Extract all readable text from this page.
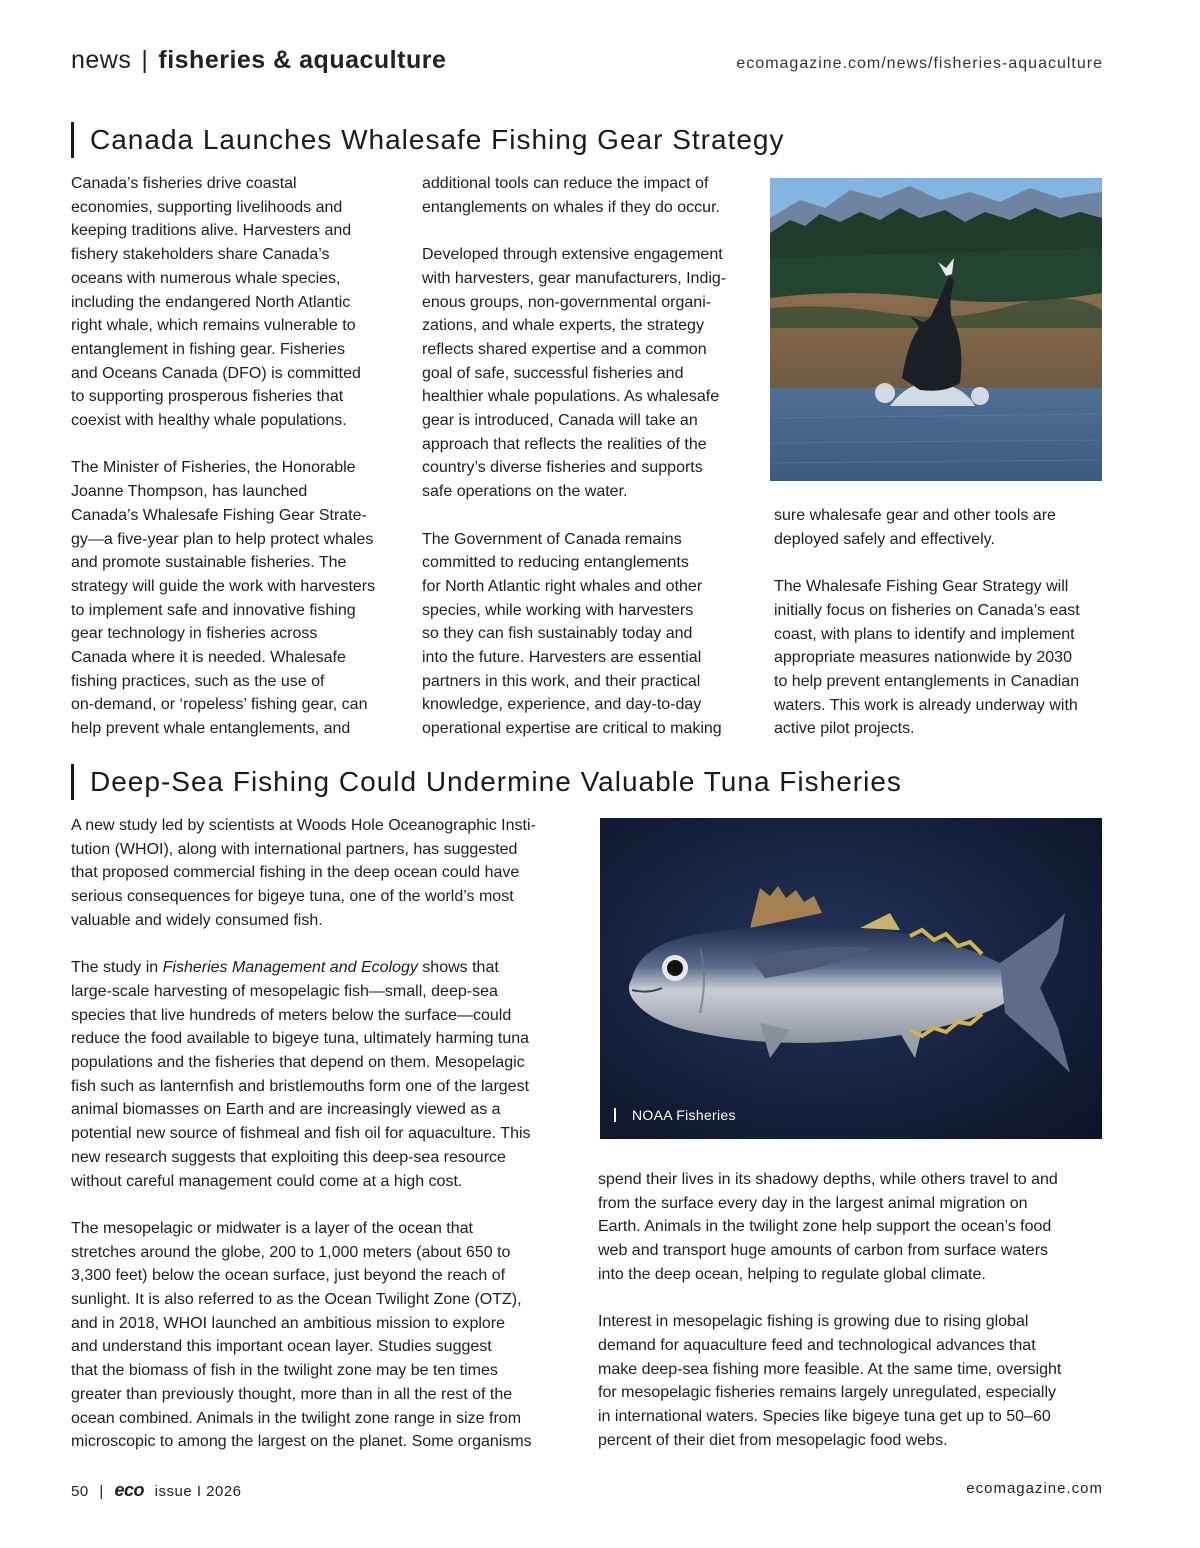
news | fisheries & aquaculture	ecomagazine.com/news/fisheries-aquaculture
Canada Launches Whalesafe Fishing Gear Strategy

Canada’s fisheries drive coastal
economies, supporting livelihoods and
keeping traditions alive. Harvesters and
fishery stakeholders share Canada’s
oceans with numerous whale species,
including the endangered North Atlantic
right whale, which remains vulnerable to
entanglement in fishing gear. Fisheries
and Oceans Canada (DFO) is committed
to supporting prosperous fisheries that
coexist with healthy whale populations.

The Minister of Fisheries, the Honorable
Joanne Thompson, has launched
Canada’s Whalesafe Fishing Gear Strate-
gy—a five-year plan to help protect whales
and promote sustainable fisheries. The
strategy will guide the work with harvesters
to implement safe and innovative fishing
gear technology in fisheries across
Canada where it is needed. Whalesafe
fishing practices, such as the use of
on-demand, or ‘ropeless’ fishing gear, can
help prevent whale entanglements, and

additional tools can reduce the impact of
entanglements on whales if they do occur.

Developed through extensive engagement
with harvesters, gear manufacturers, Indig-
enous groups, non-governmental organi-
zations, and whale experts, the strategy
reflects shared expertise and a common
goal of safe, successful fisheries and
healthier whale populations. As whalesafe
gear is introduced, Canada will take an
approach that reflects the realities of the
country’s diverse fisheries and supports
safe operations on the water.

The Government of Canada remains
committed to reducing entanglements
for North Atlantic right whales and other
species, while working with harvesters
so they can fish sustainably today and
into the future. Harvesters are essential
partners in this work, and their practical
knowledge, experience, and day-to-day
operational expertise are critical to making

sure whalesafe gear and other tools are
deployed safely and effectively.

The Whalesafe Fishing Gear Strategy will
initially focus on fisheries on Canada’s east
coast, with plans to identify and implement
appropriate measures nationwide by 2030
to help prevent entanglements in Canadian
waters. This work is already underway with
active pilot projects.

Deep-Sea Fishing Could Undermine Valuable Tuna Fisheries

A new study led by scientists at Woods Hole Oceanographic Insti-
tution (WHOI), along with international partners, has suggested
that proposed commercial fishing in the deep ocean could have
serious consequences for bigeye tuna, one of the world’s most
valuable and widely consumed fish.

The study in Fisheries Management and Ecology shows that
large-scale harvesting of mesopelagic fish—small, deep-sea
species that live hundreds of meters below the surface—could
reduce the food available to bigeye tuna, ultimately harming tuna
populations and the fisheries that depend on them. Mesopelagic
fish such as lanternfish and bristlemouths form one of the largest
animal biomasses on Earth and are increasingly viewed as a
potential new source of fishmeal and fish oil for aquaculture. This
new research suggests that exploiting this deep-sea resource
without careful management could come at a high cost.

The mesopelagic or midwater is a layer of the ocean that
stretches around the globe, 200 to 1,000 meters (about 650 to
3,300 feet) below the ocean surface, just beyond the reach of
sunlight. It is also referred to as the Ocean Twilight Zone (OTZ),
and in 2018, WHOI launched an ambitious mission to explore
and understand this important ocean layer. Studies suggest
that the biomass of fish in the twilight zone may be ten times
greater than previously thought, more than in all the rest of the
ocean combined. Animals in the twilight zone range in size from
microscopic to among the largest on the planet. Some organisms

NOAA Fisheries

spend their lives in its shadowy depths, while others travel to and
from the surface every day in the largest animal migration on
Earth. Animals in the twilight zone help support the ocean’s food
web and transport huge amounts of carbon from surface waters
into the deep ocean, helping to regulate global climate.

Interest in mesopelagic fishing is growing due to rising global
demand for aquaculture feed and technological advances that
make deep-sea fishing more feasible. At the same time, oversight
for mesopelagic fisheries remains largely unregulated, especially
in international waters. Species like bigeye tuna get up to 50–60
percent of their diet from mesopelagic food webs.

50 | eco issue I 2026	ecomagazine.com
